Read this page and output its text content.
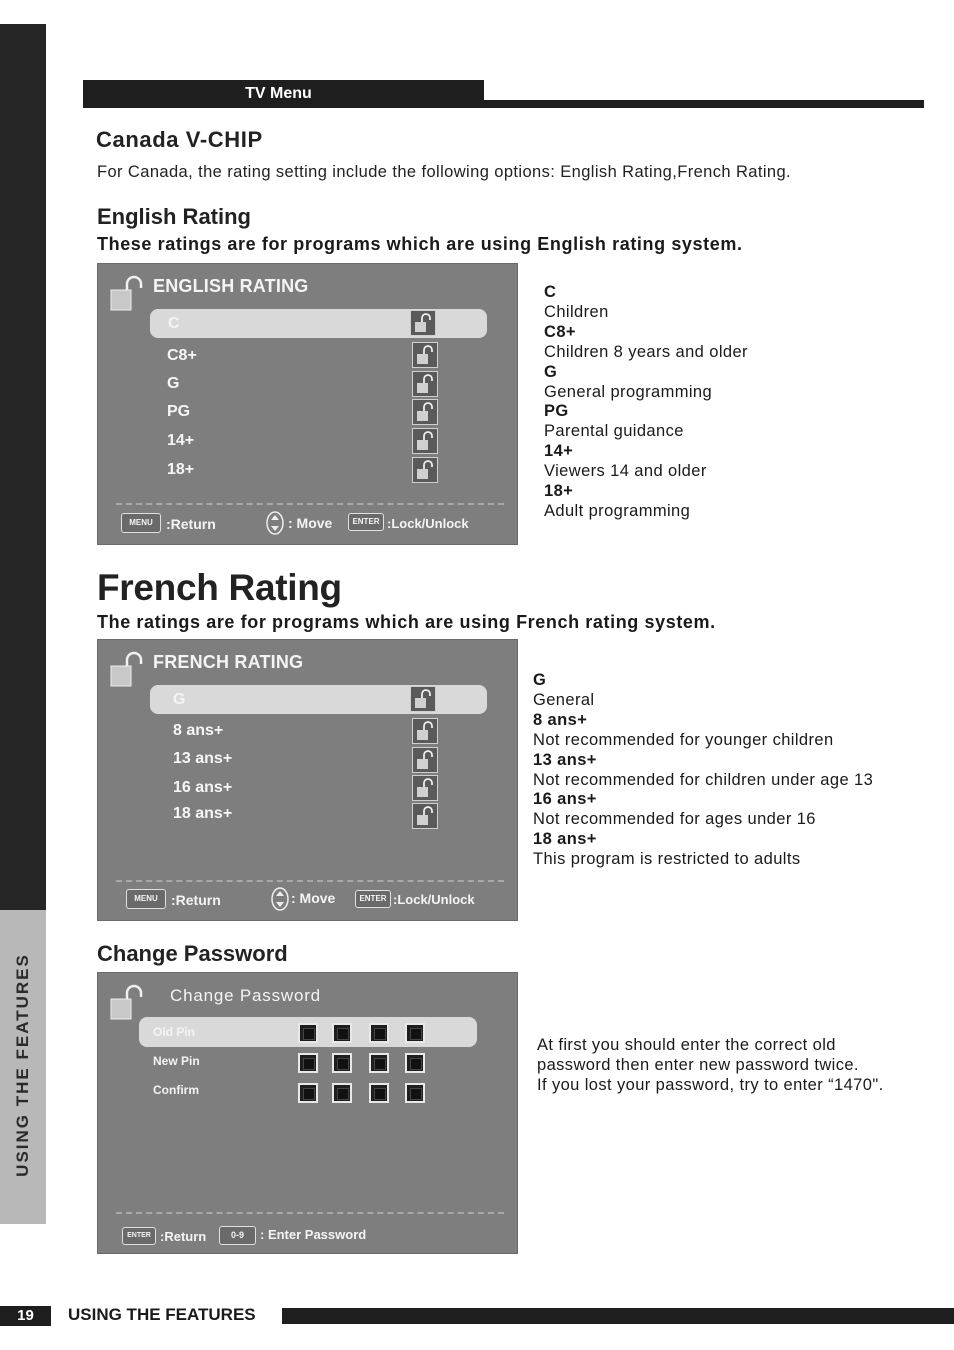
USING THE FEATURES
TV Menu
Canada V-CHIP
For Canada, the rating setting include the following options: English Rating,French Rating.
English Rating
These ratings are for programs which are using English rating system.
ENGLISH RATING
C
C8+
G
PG
14+
18+
MENU :Return	: Move	ENTER :Lock/Unlock
C
Children
C8+
Children 8 years and older
G
General programming
PG
Parental guidance
14+
Viewers 14 and older
18+
Adult programming
French Rating
The ratings are for programs which are using French rating system.
FRENCH RATING
G
8 ans+
13 ans+
16 ans+
18 ans+
MENU :Return	: Move	ENTER :Lock/Unlock
G
General
8 ans+
Not recommended for younger children
13 ans+
Not recommended for children under age 13
16 ans+
Not recommended for ages under 16
18 ans+
This program is restricted to adults
Change Password
Change Password
Old Pin
New Pin
Confirm
ENTER :Return	0-9	: Enter Password
At first you should enter the correct old
password then enter new password twice.
If you lost your password, try to enter “1470".
19	USING THE FEATURES
